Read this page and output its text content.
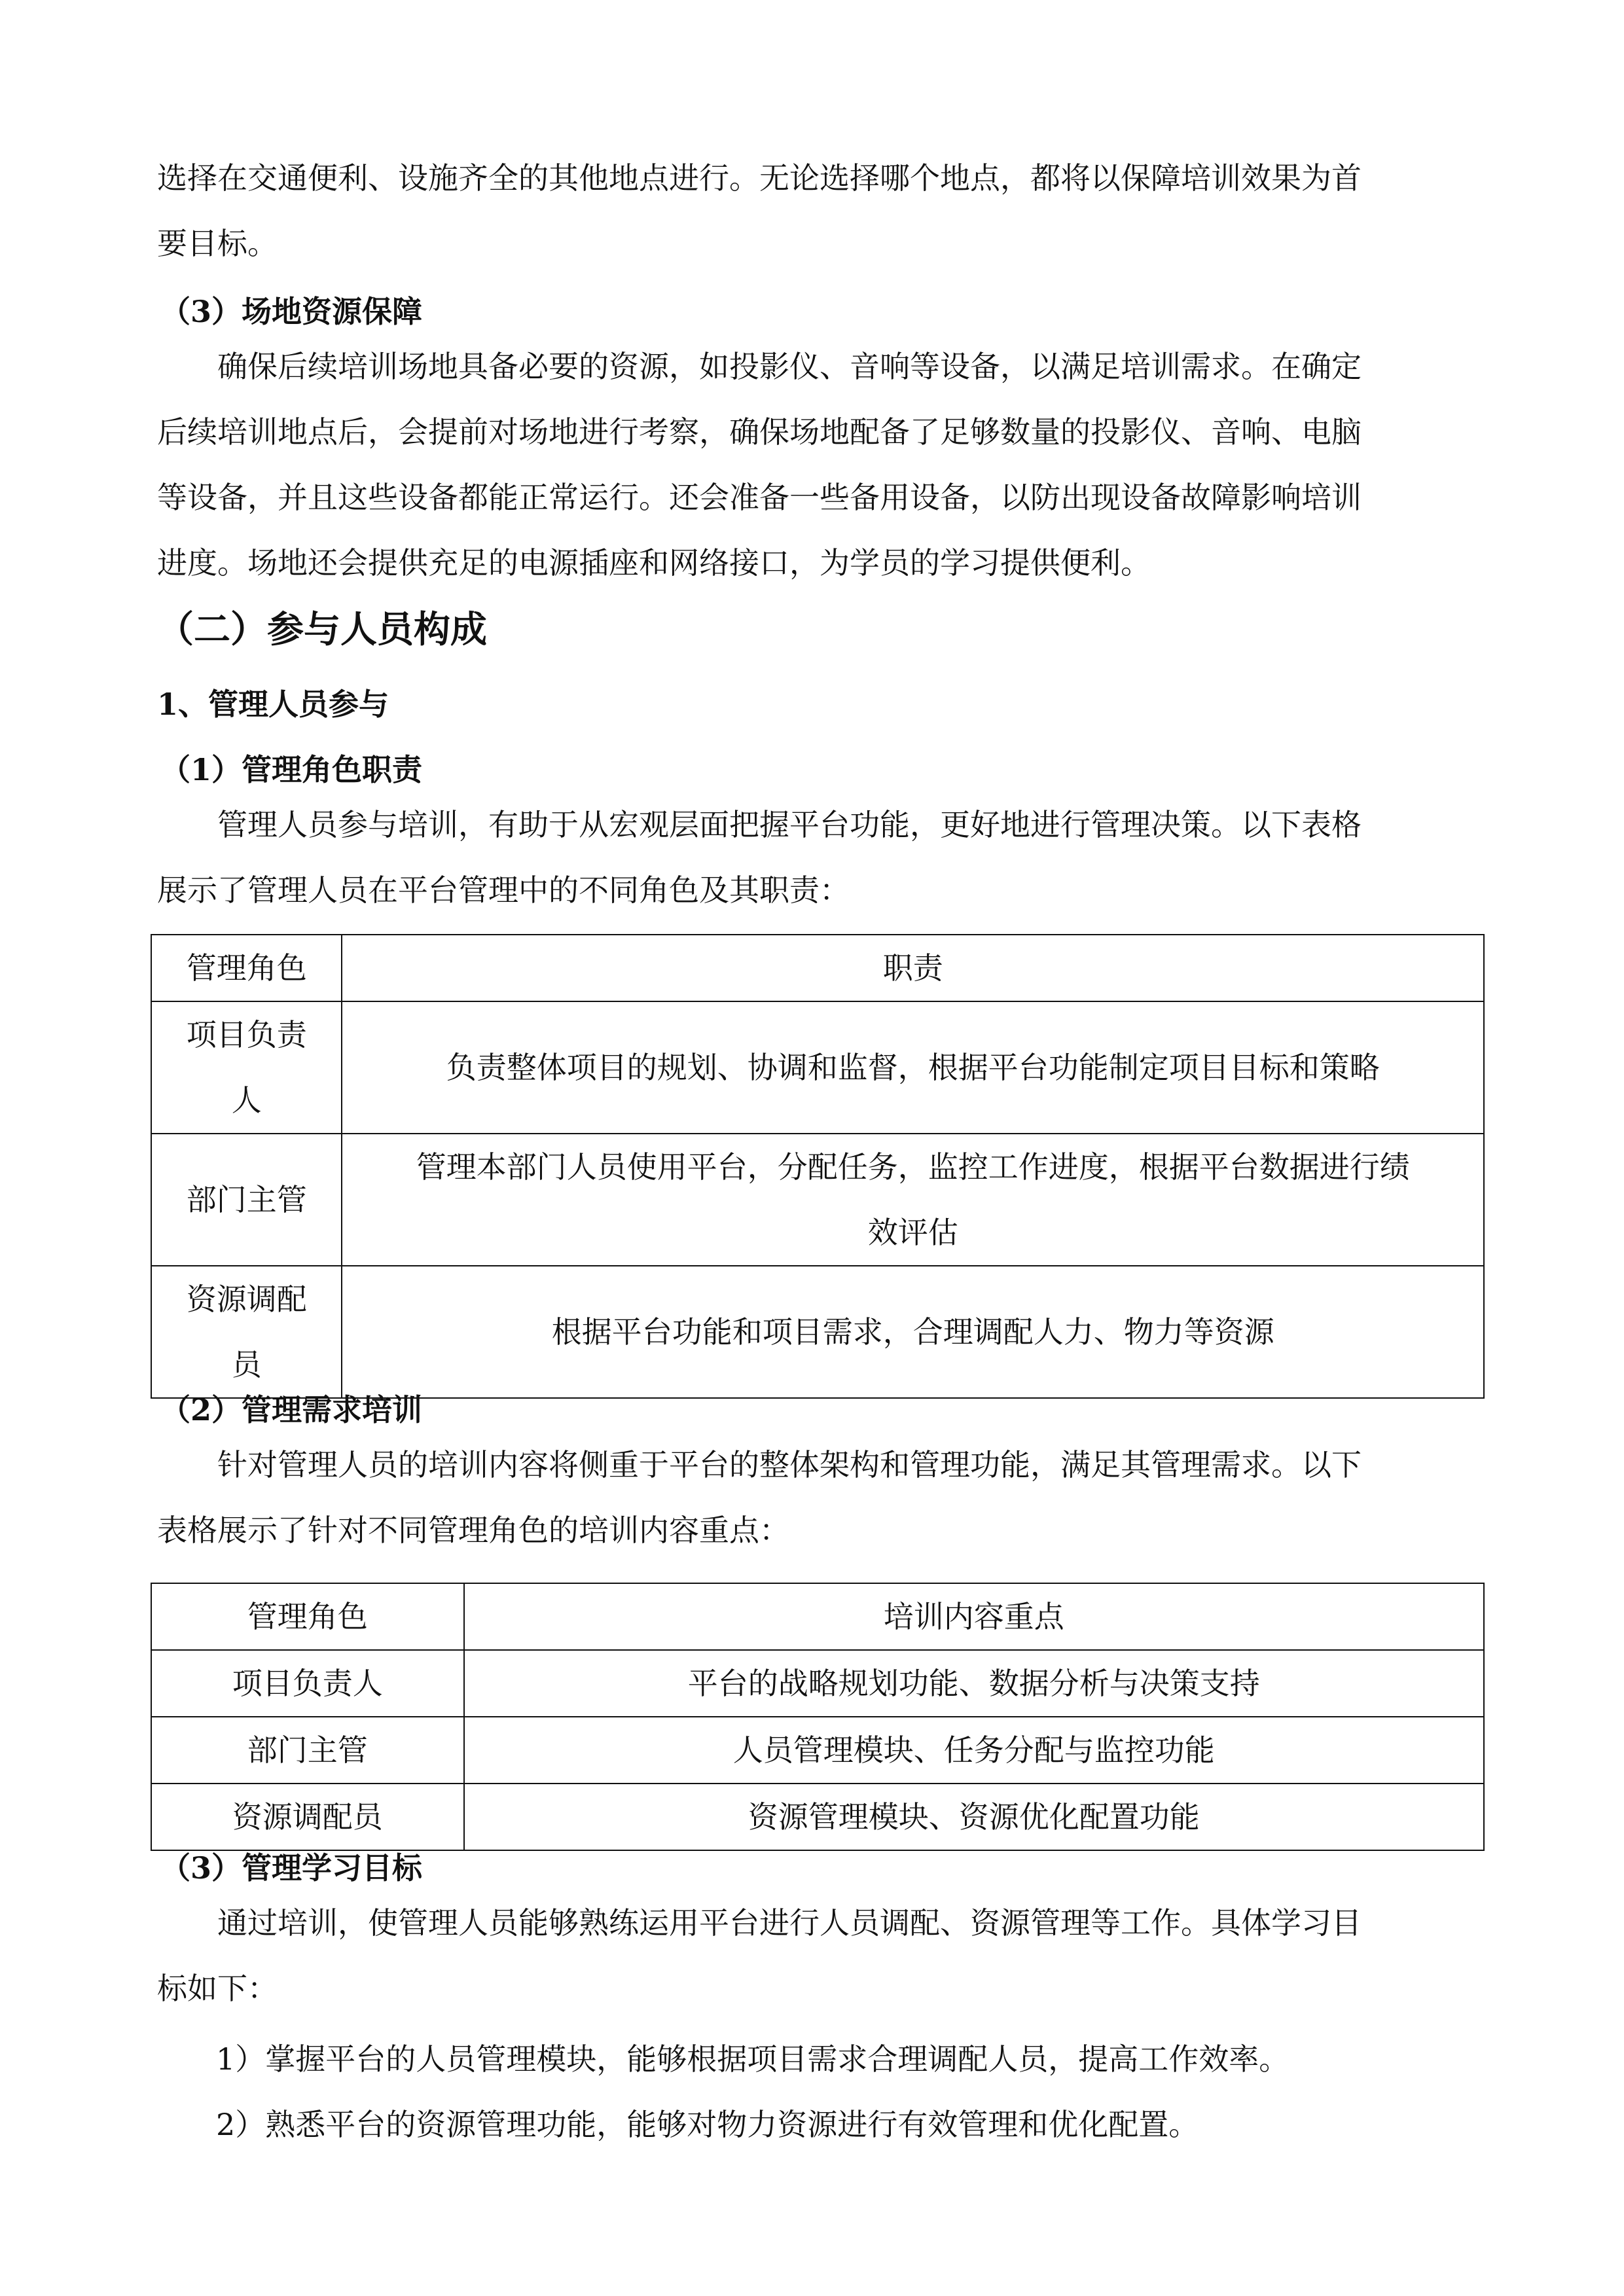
选择在交通便利、设施齐全的其他地点进行。无论选择哪个地点，都将以保障培训效果为首
要目标。
（3）场地资源保障
确保后续培训场地具备必要的资源，如投影仪、音响等设备，以满足培训需求。在确定
后续培训地点后，会提前对场地进行考察，确保场地配备了足够数量的投影仪、音响、电脑
等设备，并且这些设备都能正常运行。还会准备一些备用设备，以防出现设备故障影响培训
进度。场地还会提供充足的电源插座和网络接口，为学员的学习提供便利。
（二）参与人员构成
1、管理人员参与
（1）管理角色职责
管理人员参与培训，有助于从宏观层面把握平台功能，更好地进行管理决策。以下表格
展示了管理人员在平台管理中的不同角色及其职责：
管理角色	职责

项目负责
人	负责整体项目的规划、协调和监督，根据平台功能制定项目目标和策略

部门主管	管理本部门人员使用平台，分配任务，监控工作进度，根据平台数据进行绩
效评估

资源调配
员	根据平台功能和项目需求，合理调配人力、物力等资源
（2）管理需求培训
针对管理人员的培训内容将侧重于平台的整体架构和管理功能，满足其管理需求。以下
表格展示了针对不同管理角色的培训内容重点：
管理角色	培训内容重点
项目负责人	平台的战略规划功能、数据分析与决策支持
部门主管	人员管理模块、任务分配与监控功能
资源调配员	资源管理模块、资源优化配置功能
（3）管理学习目标
通过培训，使管理人员能够熟练运用平台进行人员调配、资源管理等工作。具体学习目
标如下：

1）掌握平台的人员管理模块，能够根据项目需求合理调配人员，提高工作效率。

2）熟悉平台的资源管理功能，能够对物力资源进行有效管理和优化配置。
